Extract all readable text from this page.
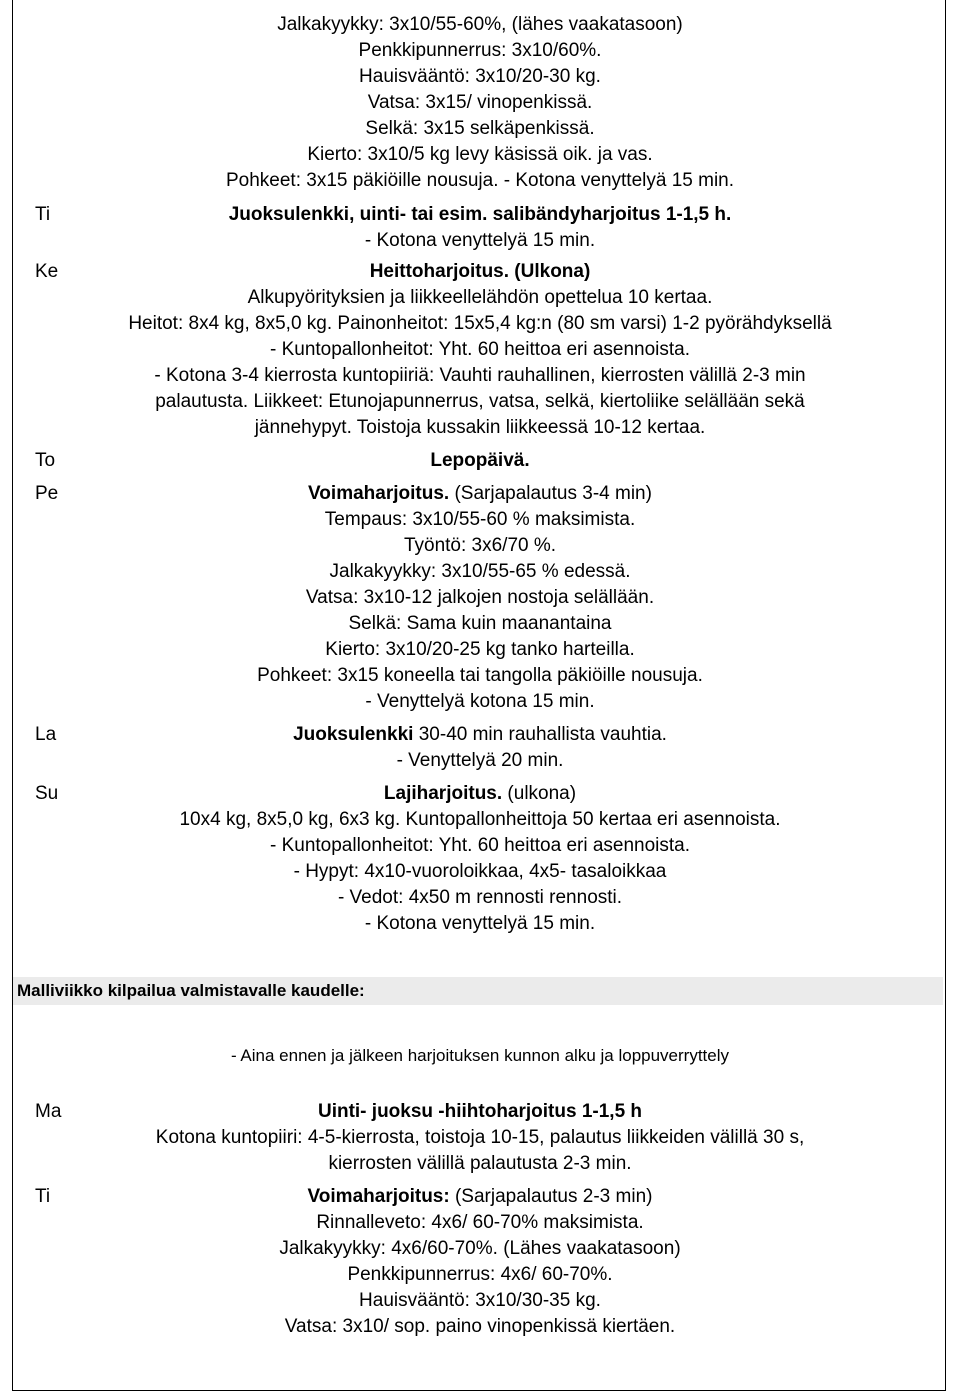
Jalkakyykky: 3x10/55-60%, (lähes vaakatasoon)
Penkkipunnerrus: 3x10/60%.
Hauisvääntö: 3x10/20-30 kg.
Vatsa: 3x15/ vinopenkissä.
Selkä: 3x15 selkäpenkissä.
Kierto: 3x10/5 kg levy käsissä oik. ja vas.
Pohkeet: 3x15 päkiöille nousuja. - Kotona venyttelyä 15 min.
Ti	Juoksulenkki, uinti- tai esim. salibändyharjoitus 1-1,5 h.
- Kotona venyttelyä 15 min.
Ke	Heittoharjoitus. (Ulkona)
Alkupyörityksien ja liikkeellelähdön opettelua 10 kertaa.
Heitot: 8x4 kg, 8x5,0 kg. Painonheitot: 15x5,4 kg:n (80 sm varsi) 1-2 pyörähdyksellä
- Kuntopallonheitot: Yht. 60 heittoa eri asennoista.
- Kotona 3-4 kierrosta kuntopiiriä: Vauhti rauhallinen, kierrosten välillä 2-3 min
palautusta. Liikkeet: Etunojapunnerrus, vatsa, selkä, kiertoliike selällään sekä
jännehypyt. Toistoja kussakin liikkeessä 10-12 kertaa.
To	Lepopäivä.
Pe	Voimaharjoitus. (Sarjapalautus 3-4 min)
Tempaus: 3x10/55-60 % maksimista.
Työntö: 3x6/70 %.
Jalkakyykky: 3x10/55-65 % edessä.
Vatsa: 3x10-12 jalkojen nostoja selällään.
Selkä: Sama kuin maanantaina
Kierto: 3x10/20-25 kg tanko harteilla.
Pohkeet: 3x15 koneella tai tangolla päkiöille nousuja.
- Venyttelyä kotona 15 min.
La	Juoksulenkki 30-40 min rauhallista vauhtia.
- Venyttelyä 20 min.
Su	Lajiharjoitus. (ulkona)
10x4 kg, 8x5,0 kg, 6x3 kg. Kuntopallonheittoja 50 kertaa eri asennoista.
- Kuntopallonheitot: Yht. 60 heittoa eri asennoista.
- Hypyt: 4x10-vuoroloikkaa, 4x5- tasaloikkaa
- Vedot: 4x50 m rennosti rennosti.
- Kotona venyttelyä 15 min.
Malliviikko kilpailua valmistavalle kaudelle:
- Aina ennen ja jälkeen harjoituksen kunnon alku ja loppuverryttely
Ma	Uinti- juoksu -hiihtoharjoitus 1-1,5 h
Kotona kuntopiiri: 4-5-kierrosta, toistoja 10-15, palautus liikkeiden välillä 30 s,
kierrosten välillä palautusta 2-3 min.
Ti	Voimaharjoitus: (Sarjapalautus 2-3 min)
Rinnalleveto: 4x6/ 60-70% maksimista.
Jalkakyykky: 4x6/60-70%. (Lähes vaakatasoon)
Penkkipunnerrus: 4x6/ 60-70%.
Hauisvääntö: 3x10/30-35 kg.
Vatsa: 3x10/ sop. paino vinopenkissä kiertäen.
